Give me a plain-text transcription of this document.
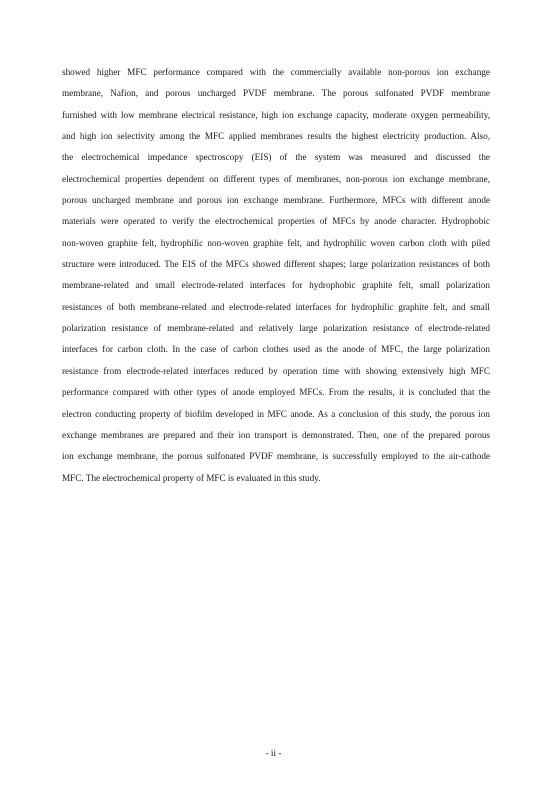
showed higher MFC performance compared with the commercially available non-porous ion exchange
membrane, Nafion, and porous uncharged PVDF membrane. The porous sulfonated PVDF membrane
furnished with low membrane electrical resistance, high ion exchange capacity, moderate oxygen permeability,
and high ion selectivity among the MFC applied membranes results the highest electricity production. Also,
the electrochemical impedance spectroscopy (EIS) of the system was measured and discussed the
electrochemical properties dependent on different types of membranes, non-porous ion exchange membrane,
porous uncharged membrane and porous ion exchange membrane. Furthermore, MFCs with different anode
materials were operated to verify the electrochemical properties of MFCs by anode character. Hydrophobic
non-woven graphite felt, hydrophilic non-woven graphite felt, and hydrophilic woven carbon cloth with piled
structure were introduced. The EIS of the MFCs showed different shapes; large polarization resistances of both
membrane-related and small electrode-related interfaces for hydrophobic graphite felt, small polarization
resistances of both membrane-related and electrode-related interfaces for hydrophilic graphite felt, and small
polarization resistance of membrane-related and relatively large polarization resistance of electrode-related
interfaces for carbon cloth. In the case of carbon clothes used as the anode of MFC, the large polarization
resistance from electrode-related interfaces reduced by operation time with showing extensively high MFC
performance compared with other types of anode employed MFCs. From the results, it is concluded that the
electron conducting property of biofilm developed in MFC anode. As a conclusion of this study, the porous ion
exchange membranes are prepared and their ion transport is demonstrated. Then, one of the prepared porous
ion exchange membrane, the porous sulfonated PVDF membrane, is successfully employed to the air-cathode
MFC. The electrochemical property of MFC is evaluated in this study.
- ii -
